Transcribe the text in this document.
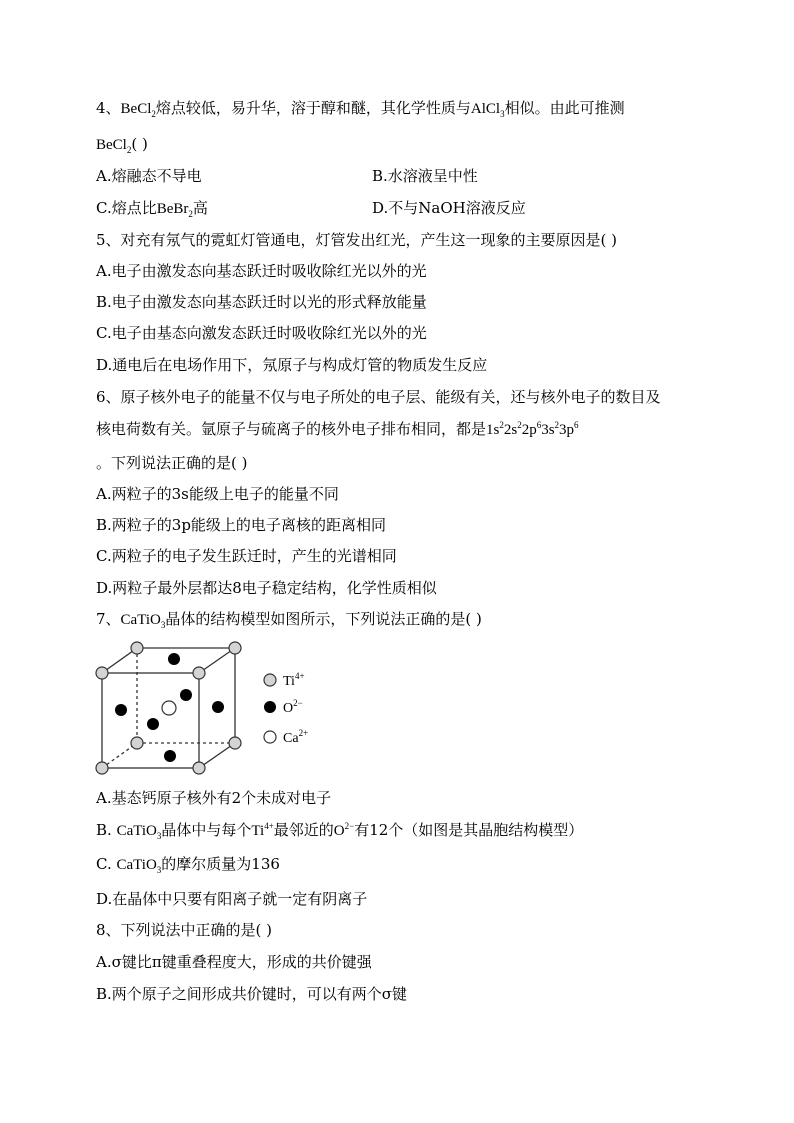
4、BeCl$_2$熔点较低，易升华，溶于醇和醚，其化学性质与AlCl$_3$相似。由此可推测
BeCl$_2$( )
A.熔融态不导电	B.水溶液呈中性
C.熔点比BeBr$_2$高	D.不与NaOH溶液反应
5、对充有氖气的霓虹灯管通电，灯管发出红光，产生这一现象的主要原因是( )
A.电子由激发态向基态跃迁时吸收除红光以外的光
B.电子由激发态向基态跃迁时以光的形式释放能量
C.电子由基态向激发态跃迁时吸收除红光以外的光
D.通电后在电场作用下，氖原子与构成灯管的物质发生反应
6、原子核外电子的能量不仅与电子所处的电子层、能级有关，还与核外电子的数目及
核电荷数有关。氩原子与硫离子的核外电子排布相同，都是$1s^22s^22p^63s^23p^6$
。下列说法正确的是( )
A.两粒子的3s能级上电子的能量不同
B.两粒子的3p能级上的电子离核的距离相同
C.两粒子的电子发生跃迁时，产生的光谱相同
D.两粒子最外层都达8电子稳定结构，化学性质相似
7、CaTiO$_3$晶体的结构模型如图所示，下列说法正确的是( )
$Ti^{4+}$
$O^{2-}$
$Ca^{2+}$
A.基态钙原子核外有2个未成对电子
B. CaTiO$_3$晶体中与每个$Ti^{4+}$最邻近的$O^{2-}$有12个（如图是其晶胞结构模型）
C. CaTiO$_3$的摩尔质量为136
D.在晶体中只要有阳离子就一定有阴离子
8、下列说法中正确的是( )
A.σ键比π键重叠程度大，形成的共价键强
B.两个原子之间形成共价键时，可以有两个σ键
